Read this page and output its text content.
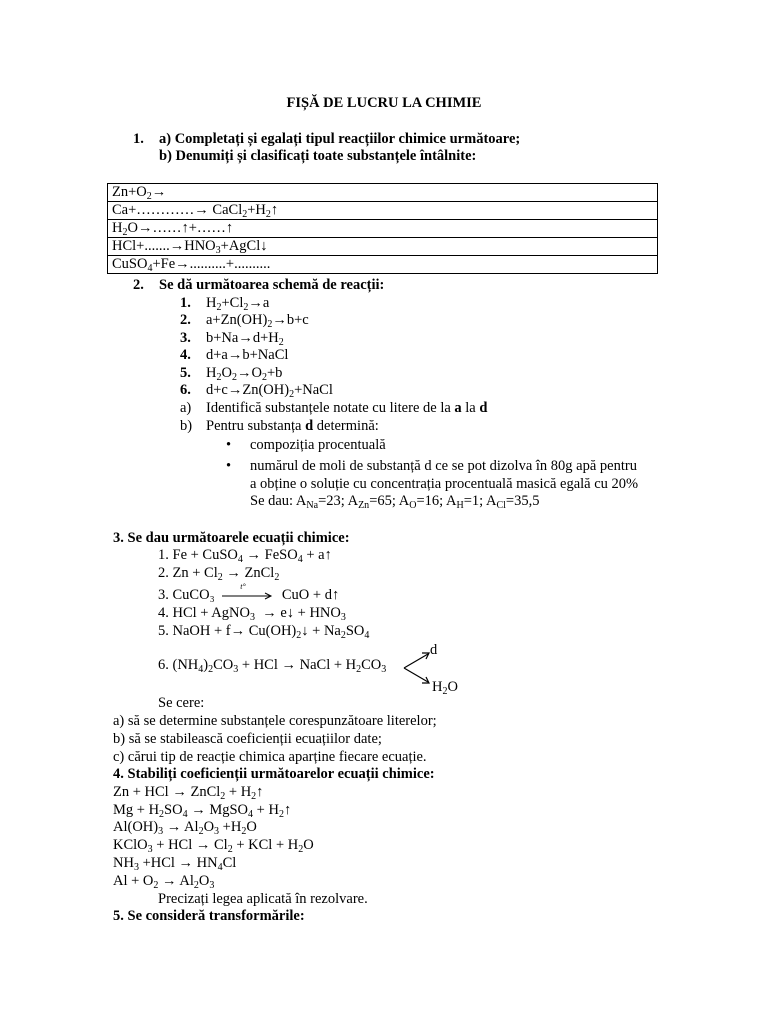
FIȘĂ DE LUCRU LA CHIMIE
1. a) Completați și egalați tipul reacțiilor chimice următoare;
b) Denumiți și clasificați toate substanțele întâlnite:
$Zn+O_2\to$
Ca+…………→ $CaCl_2+H_2↑$
$H_2O\to\dots\dots↑+\dots\dots↑$
$HCl+.......\to HNO_3+AgCl↓$
CuSO$_4$+Fe→..........+..........
2. Se dă următoarea schemă de reacții:
1. $H_2+Cl_2\to a$
2. $a+Zn(OH)_2\to b+c$
3. $b+Na\to d+H_2$
4. d+a→b+NaCl
5. $H_2O_2\to O_2+b$
6. $d+c\to Zn(OH)_2+NaCl$
a) Identifică substanțele notate cu litere de la a la d
b) Pentru substanța d determină:
• compoziția procentuală
• numărul de moli de substanță d ce se pot dizolva în 80g apă pentru
a obține o soluție cu concentrația procentuală masică egală cu 20%
Se dau: $A_{Na}=23$; $A_{Zn}=65$; $A_O=16$; $A_H=1$; $A_{Cl}=35,5$
3. Se dau următoarele ecuații chimice:
1. Fe + CuSO$_4$ → FeSO$_4$ + a↑
2. $Zn + Cl_2$ → ZnCl$_2$
3. CuCO₃
t°
CuO + d↑
4. HCl + AgNO$_3$  → e↓ + $HNO_3$
5. NaOH + $f\to Cu(OH)_2↓ + Na_2SO_4$
6. $(NH_4)_2CO_3$ + HCl → NaCl + $H_2CO_3$
d
$H_2O$
Se cere:
a) să se determine substanțele corespunzătoare literelor;
b) să se stabilească coeficienții ecuațiilor date;
c) cărui tip de reacție chimica aparține fiecare ecuație.
4. Stabiliți coeficienții următoarelor ecuații chimice:
Zn + HCl → ZnCl$_2$ + $H_2↑$
$Mg + H_2SO_4$ → MgSO$_4$ + $H_2↑$
$Al(OH)_3 \to Al_2O_3 +H_2O$
KClO$_3$ + HCl → $Cl_2$ + KCl + $H_2O$
$NH_3 +HCl \to HN_4Cl$
$Al + O_2 \to Al_2O_3$
Precizați legea aplicată în rezolvare.
5. Se consideră transformările:
